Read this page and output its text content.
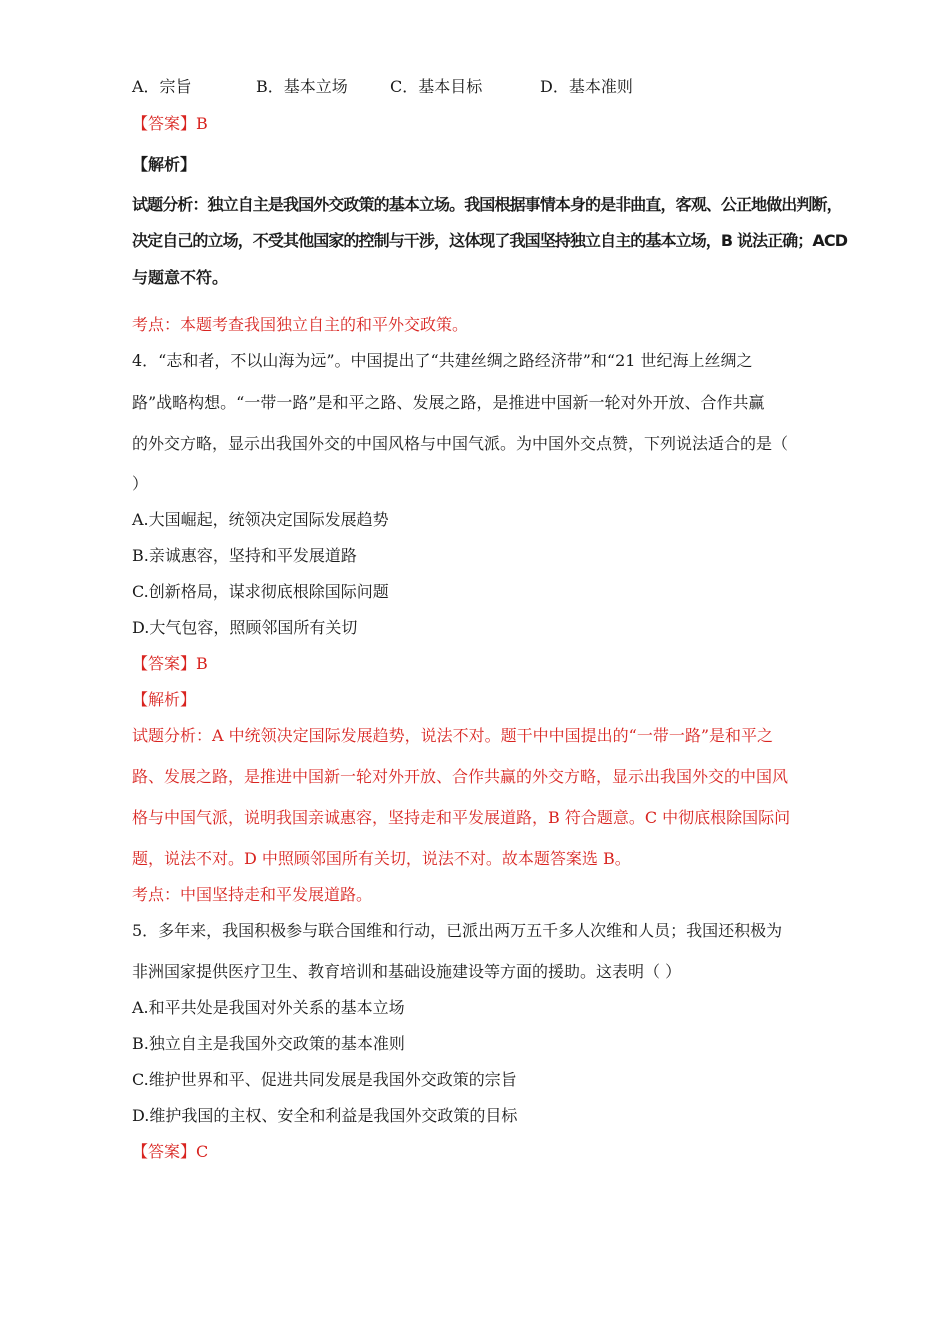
A．宗旨	B．基本立场	C．基本目标	D．基本准则
【答案】B
【解析】
试题分析：独立自主是我国外交政策的基本立场。我国根据事情本身的是非曲直，客观、公正地做出判断，
决定自己的立场，不受其他国家的控制与干涉，这体现了我国坚持独立自主的基本立场，B 说法正确；ACD
与题意不符。
考点：本题考查我国独立自主的和平外交政策。
4．“志和者，不以山海为远”。中国提出了“共建丝绸之路经济带”和“21 世纪海上丝绸之
路”战略构想。“一带一路”是和平之路、发展之路，是推进中国新一轮对外开放、合作共赢
的外交方略，显示出我国外交的中国风格与中国气派。为中国外交点赞，下列说法适合的是（
）
A.大国崛起，统领决定国际发展趋势
B.亲诚惠容，坚持和平发展道路
C.创新格局，谋求彻底根除国际问题
D.大气包容，照顾邻国所有关切
【答案】B
【解析】
试题分析：A 中统领决定国际发展趋势，说法不对。题干中中国提出的“一带一路”是和平之
路、发展之路，是推进中国新一轮对外开放、合作共赢的外交方略，显示出我国外交的中国风
格与中国气派，说明我国亲诚惠容，坚持走和平发展道路，B 符合题意。C 中彻底根除国际问
题，说法不对。D 中照顾邻国所有关切，说法不对。故本题答案选 B。
考点：中国坚持走和平发展道路。
5．多年来，我国积极参与联合国维和行动，已派出两万五千多人次维和人员；我国还积极为
非洲国家提供医疗卫生、教育培训和基础设施建设等方面的援助。这表明（ ）
A.和平共处是我国对外关系的基本立场
B.独立自主是我国外交政策的基本准则
C.维护世界和平、促进共同发展是我国外交政策的宗旨
D.维护我国的主权、安全和利益是我国外交政策的目标
【答案】C
